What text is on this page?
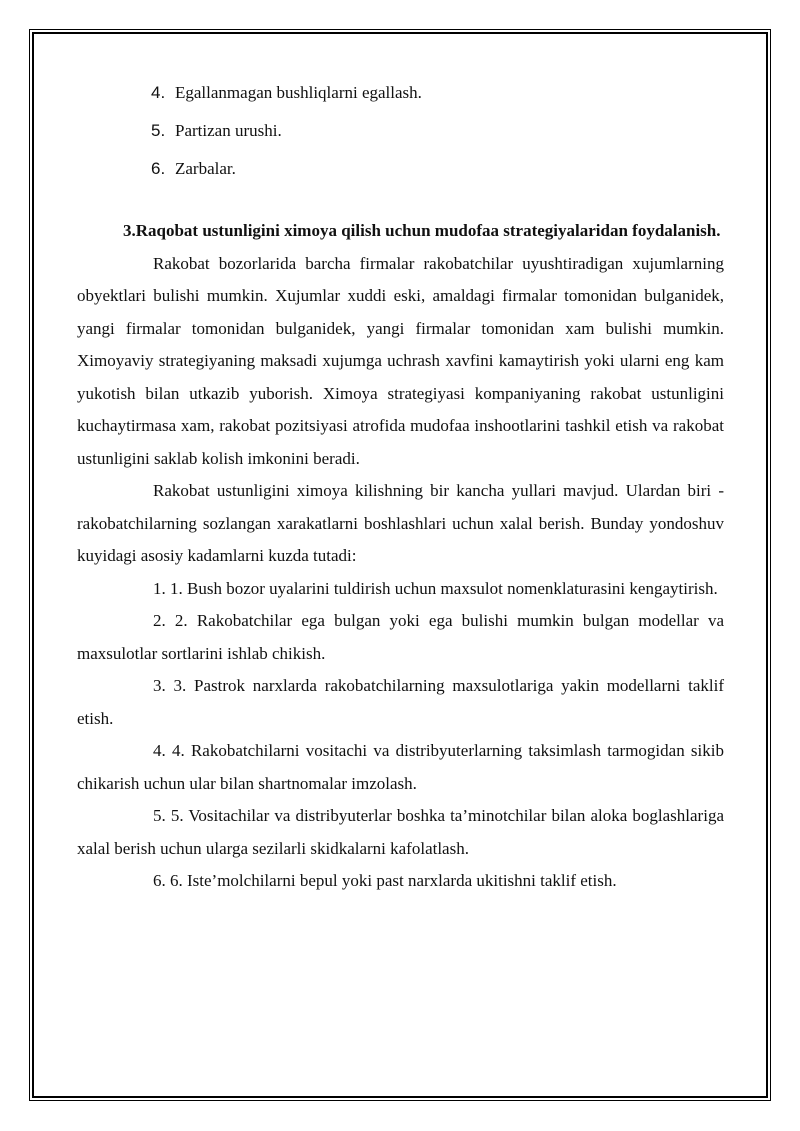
4. Egallanmagan bushliqlarni egallash.
5. Partizan urushi.
6. Zarbalar.

3.Raqobat ustunligini ximoya qilish uchun mudofaa strategiyalaridan foydalanish.

Rakobat bozorlarida barcha firmalar rakobatchilar uyushtiradigan xujumlarning obyektlari bulishi mumkin. Xujumlar xuddi eski, amaldagi firmalar tomonidan bulganidek, yangi firmalar tomonidan bulganidek, yangi firmalar tomonidan xam bulishi mumkin. Ximoyaviy strategiyaning maksadi xujumga uchrash xavfini kamaytirish yoki ularni eng kam yukotish bilan utkazib yuborish. Ximoya strategiyasi kompaniyaning rakobat ustunligini kuchaytirmasa xam, rakobat pozitsiyasi atrofida mudofaa inshootlarini tashkil etish va rakobat ustunligini saklab kolish imkonini beradi.

Rakobat ustunligini ximoya kilishning bir kancha yullari mavjud. Ulardan biri - rakobatchilarning sozlangan xarakatlarni boshlashlari uchun xalal berish. Bunday yondoshuv kuyidagi asosiy kadamlarni kuzda tutadi:

1. 1. Bush bozor uyalarini tuldirish uchun maxsulot nomenklaturasini kengaytirish.

2. 2. Rakobatchilar ega bulgan yoki ega bulishi mumkin bulgan modellar va maxsulotlar sortlarini ishlab chikish.

3. 3. Pastrok narxlarda rakobatchilarning maxsulotlariga yakin modellarni taklif etish.

4. 4. Rakobatchilarni vositachi va distribyuterlarning taksimlash tarmogidan sikib chikarish uchun ular bilan shartnomalar imzolash.

5. 5. Vositachilar va distribyuterlar boshka ta’minotchilar bilan aloka boglashlariga xalal berish uchun ularga sezilarli skidkalarni kafolatlash.

6. 6. Iste’molchilarni bepul yoki past narxlarda ukitishni taklif etish.
